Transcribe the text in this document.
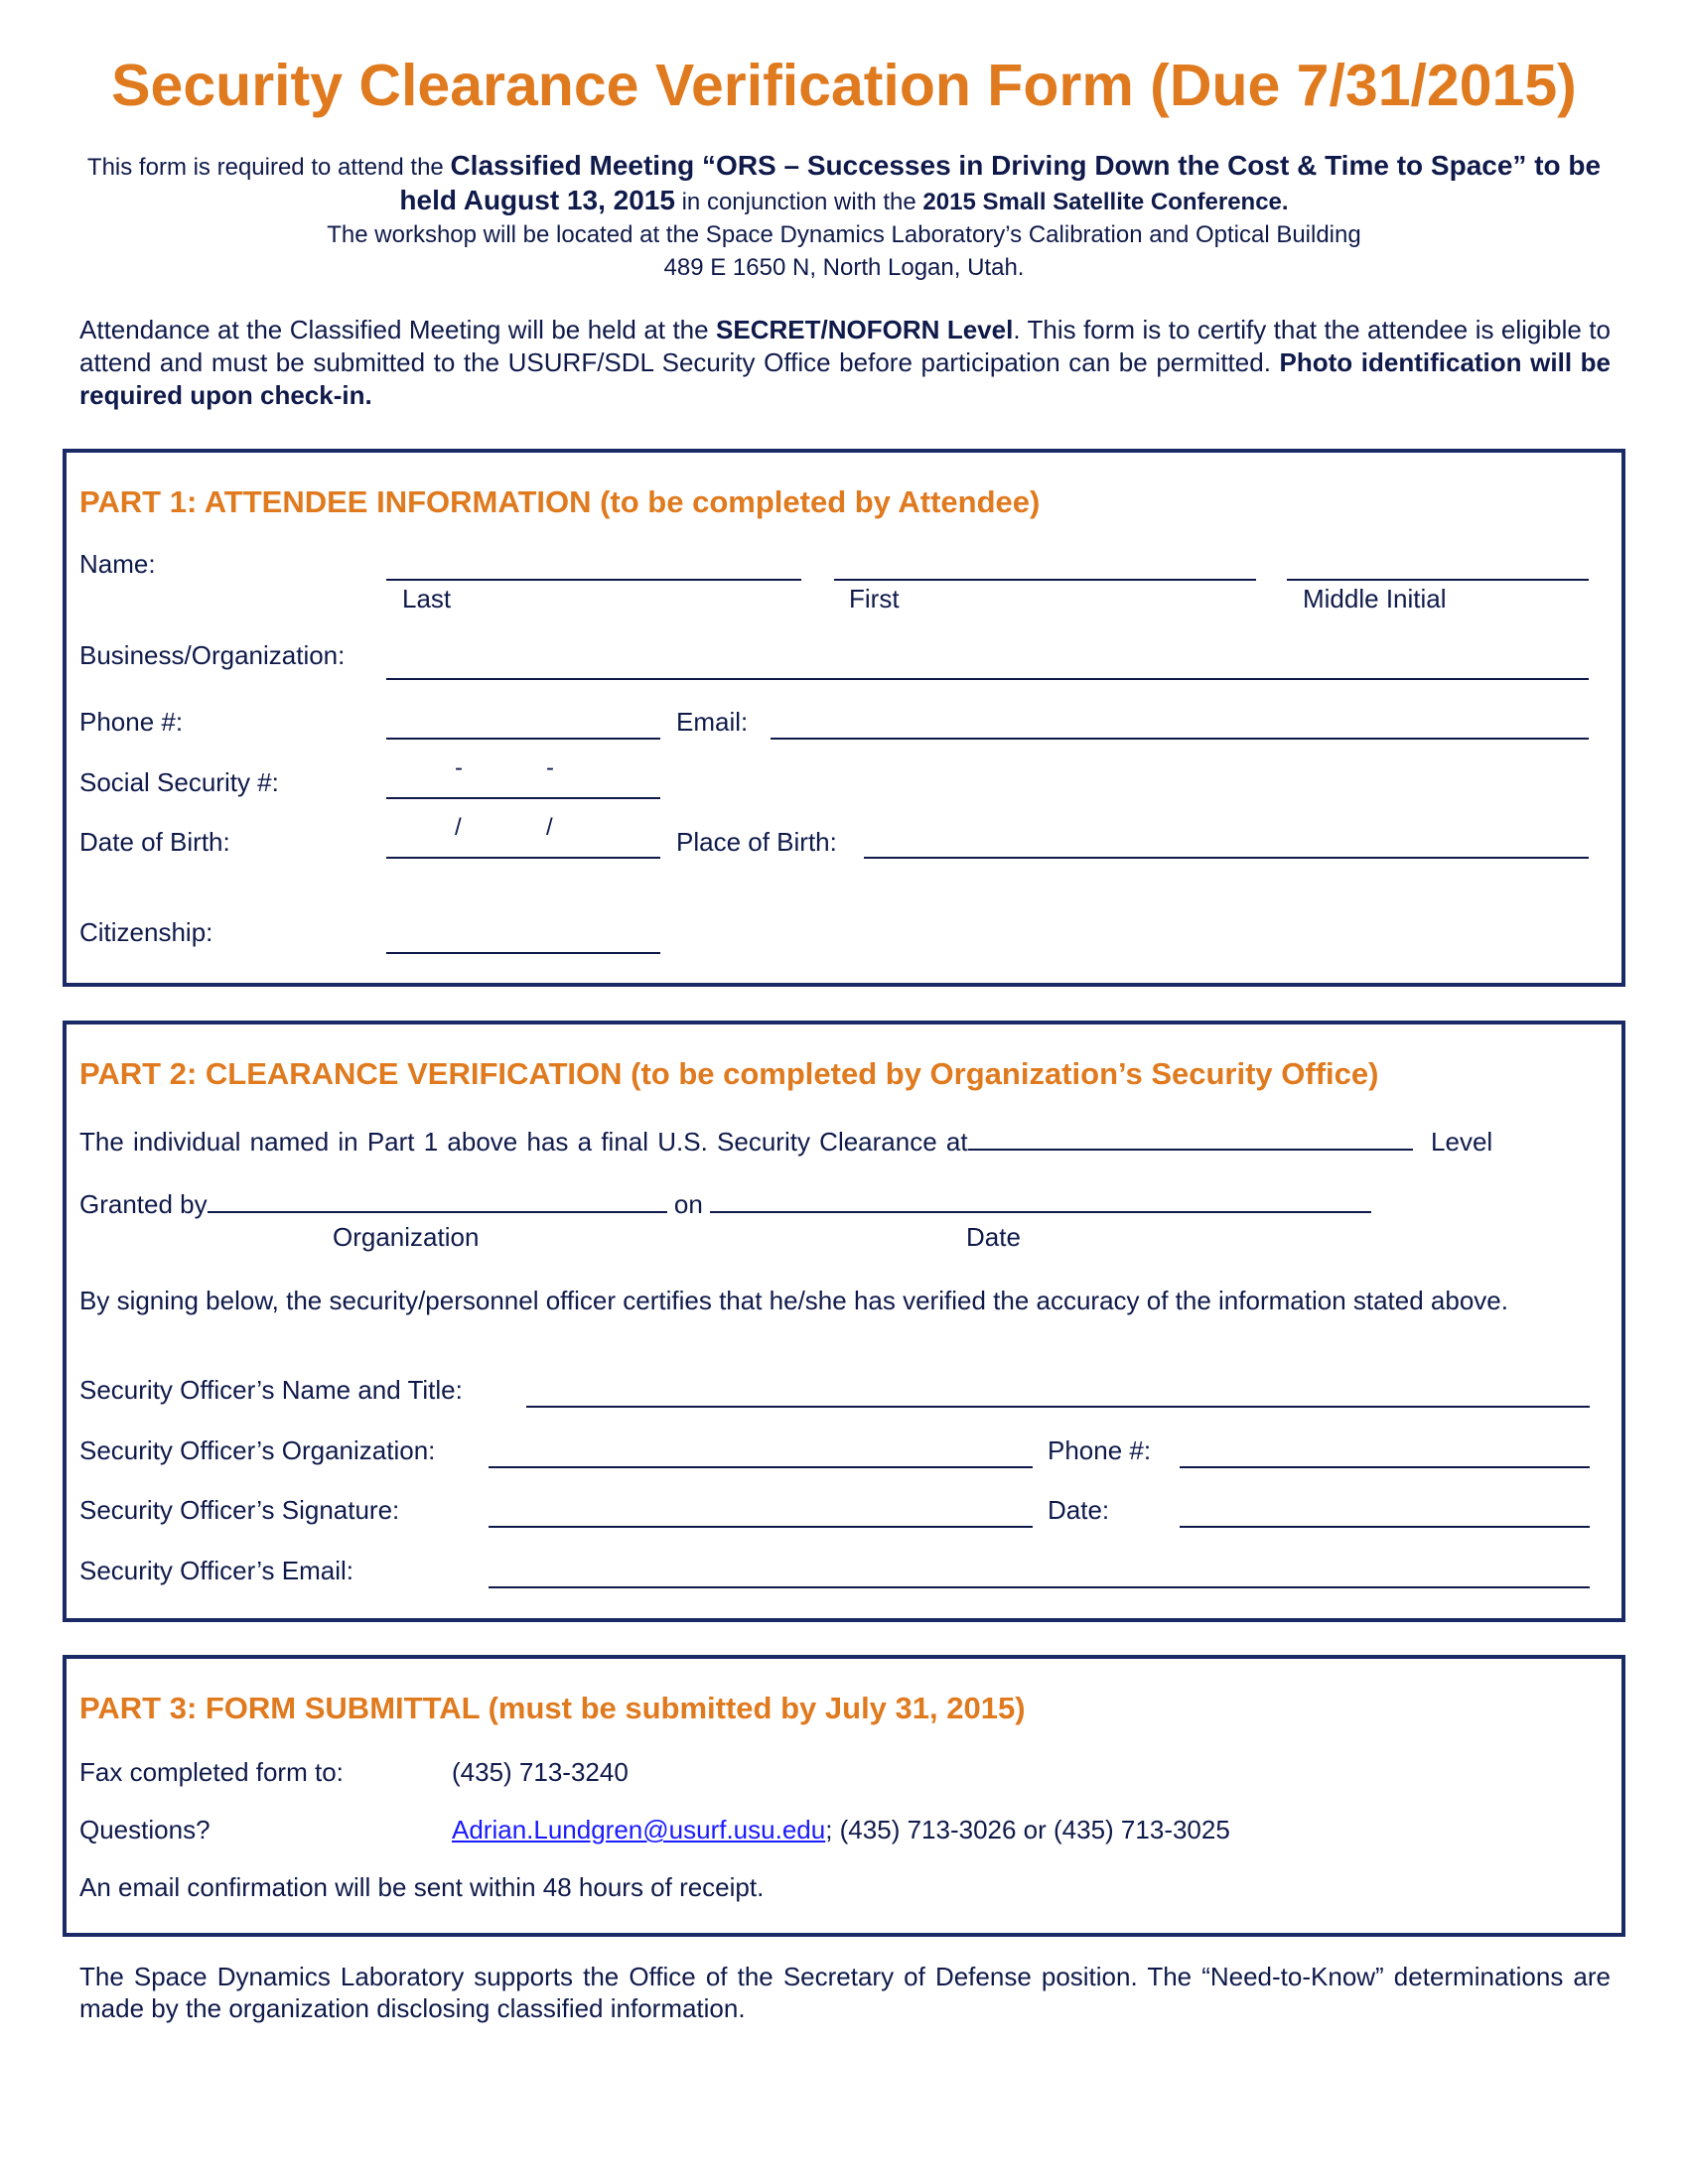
Security Clearance Verification Form (Due 7/31/2015)
This form is required to attend the Classified Meeting “ORS – Successes in Driving Down the Cost & Time to Space” to be held August 13, 2015 in conjunction with the 2015 Small Satellite Conference.
The workshop will be located at the Space Dynamics Laboratory’s Calibration and Optical Building
489 E 1650 N, North Logan, Utah.
Attendance at the Classified Meeting will be held at the SECRET/NOFORN Level. This form is to certify that the attendee is eligible to attend and must be submitted to the USURF/SDL Security Office before participation can be permitted. Photo identification will be required upon check-in.
PART 1: ATTENDEE INFORMATION (to be completed by Attendee)
Name:
Last	First	Middle Initial
Business/Organization:
Phone #:	Email:
Social Security #:	-	-
Date of Birth:	/	/	Place of Birth:
Citizenship:
PART 2: CLEARANCE VERIFICATION (to be completed by Organization’s Security Office)
The individual named in Part 1 above has a final U.S. Security Clearance at	Level
Granted by	on
Organization	Date
By signing below, the security/personnel officer certifies that he/she has verified the accuracy of the information stated above.
Security Officer’s Name and Title:
Security Officer’s Organization:	Phone #:
Security Officer’s Signature:	Date:
Security Officer’s Email:
PART 3: FORM SUBMITTAL (must be submitted by July 31, 2015)
Fax completed form to:	(435) 713-3240
Questions?	Adrian.Lundgren@usurf.usu.edu; (435) 713-3026 or (435) 713-3025
An email confirmation will be sent within 48 hours of receipt.
The Space Dynamics Laboratory supports the Office of the Secretary of Defense position. The “Need-to-Know” determinations are made by the organization disclosing classified information.
